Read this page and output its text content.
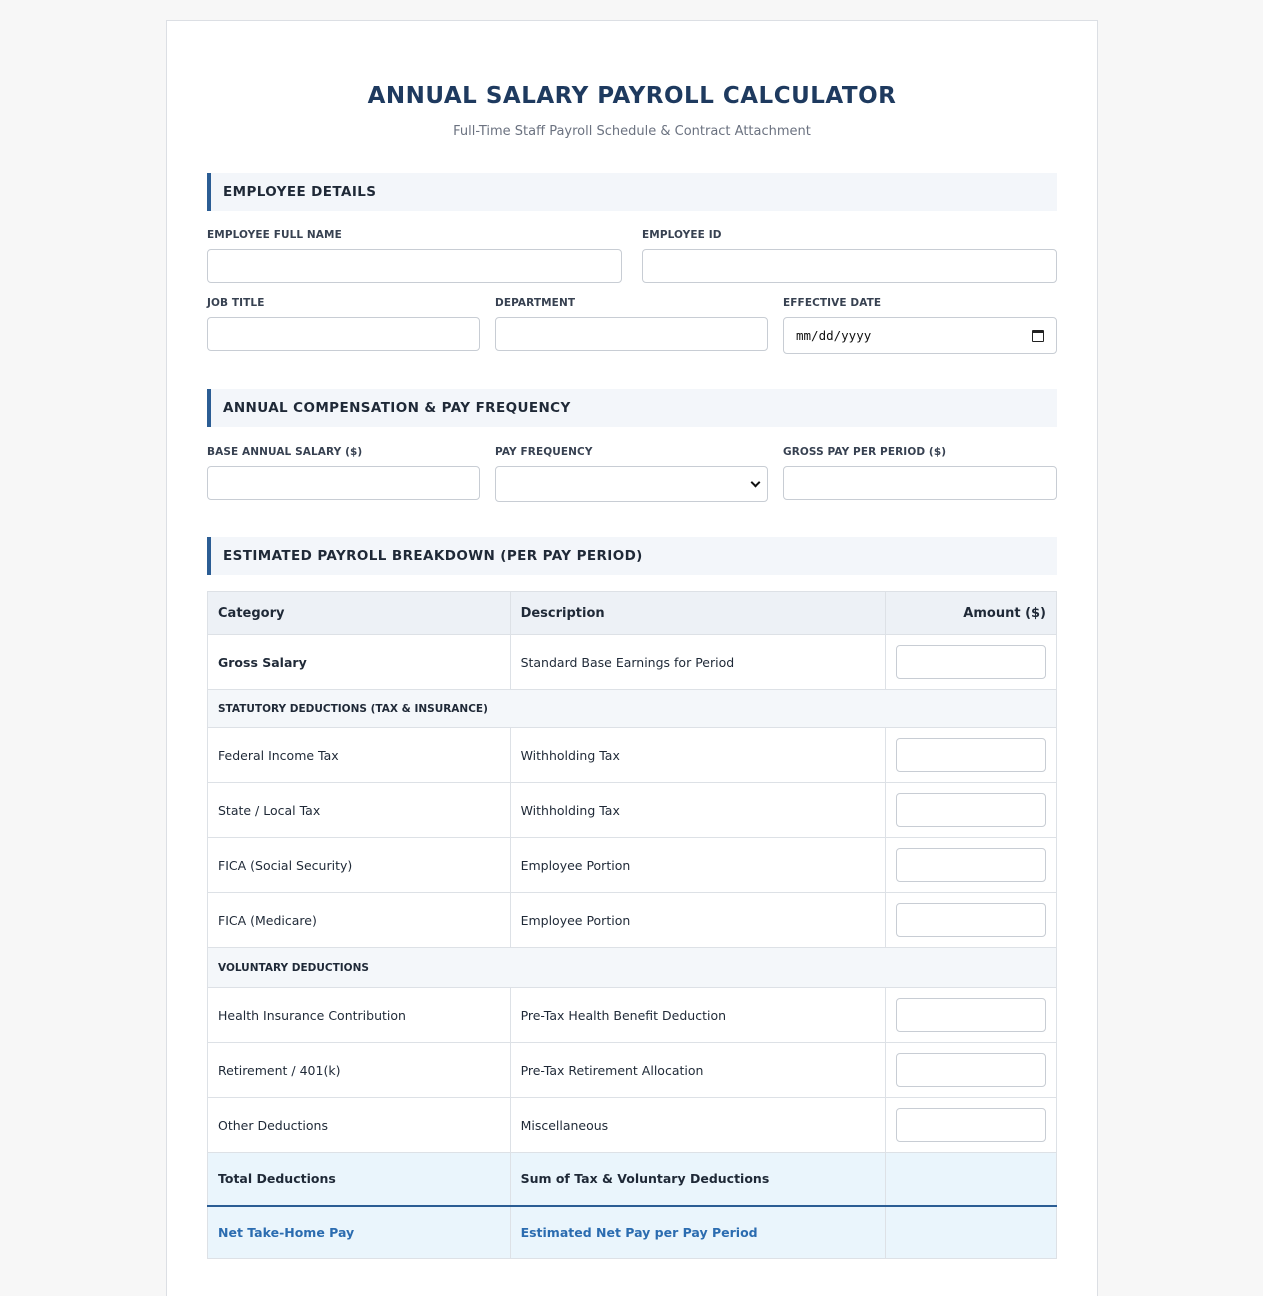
ANNUAL SALARY PAYROLL CALCULATOR
Full-Time Staff Payroll Schedule & Contract Attachment
EMPLOYEE DETAILS
EMPLOYEE FULL NAME	EMPLOYEE ID
JOB TITLE	DEPARTMENT	EFFECTIVE DATE
mm/dd/yyyy
ANNUAL COMPENSATION & PAY FREQUENCY
BASE ANNUAL SALARY ($)	PAY FREQUENCY	GROSS PAY PER PERIOD ($)
ESTIMATED PAYROLL BREAKDOWN (PER PAY PERIOD)
Category	Description	Amount ($)
Gross Salary	Standard Base Earnings for Period	

STATUTORY DEDUCTIONS (TAX & INSURANCE)		
Federal Income Tax	Withholding Tax	

State / Local Tax	Withholding Tax	

FICA (Social Security)	Employee Portion	

FICA (Medicare)	Employee Portion	

VOLUNTARY DEDUCTIONS		
Health Insurance Contribution	Pre-Tax Health Benefit Deduction	

Retirement / 401(k)	Pre-Tax Retirement Allocation	

Other Deductions	Miscellaneous	

Total Deductions	Sum of Tax & Voluntary Deductions	
Net Take-Home Pay	Estimated Net Pay per Pay Period	
